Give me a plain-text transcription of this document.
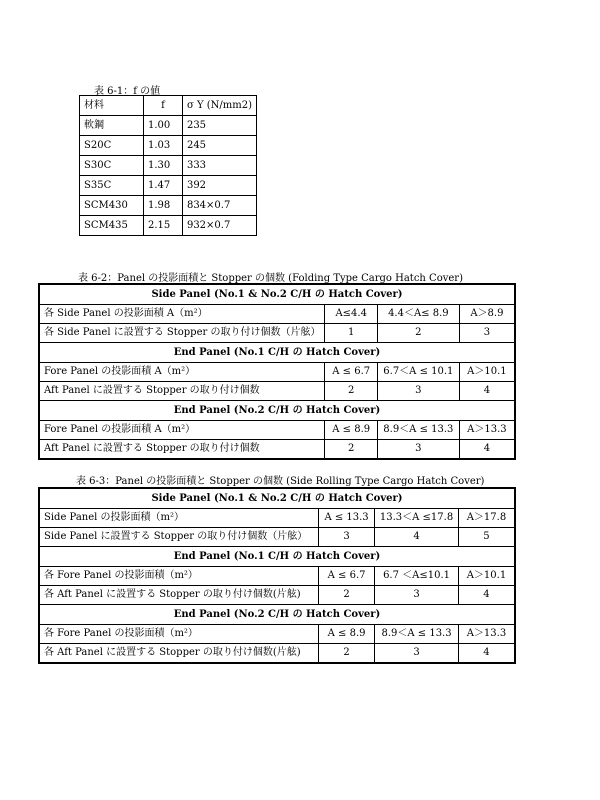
表 6-1：f の値
材料	f	σ Y (N/mm2)
軟鋼	1.00	235
S20C	1.03	245
S30C	1.30	333
S35C	1.47	392
SCM430	1.98	834×0.7
SCM435	2.15	932×0.7
表 6-2：Panel の投影面積と Stopper の個数 (Folding Type Cargo Hatch Cover)
Side Panel (No.1 & No.2 C/H の Hatch Cover)			
各 Side Panel の投影面積 A（m²）	A≤4.4	4.4＜A≤ 8.9	A＞8.9
各 Side Panel に設置する Stopper の取り付け個数（片舷）	1	2	3
End Panel (No.1 C/H の Hatch Cover)			
Fore Panel の投影面積 A（m²）	A ≤ 6.7	6.7＜A ≤ 10.1	A＞10.1
Aft Panel に設置する Stopper の取り付け個数	2	3	4
End Panel (No.2 C/H の Hatch Cover)			
Fore Panel の投影面積 A（m²）	A ≤ 8.9	8.9＜A ≤ 13.3	A＞13.3
Aft Panel に設置する Stopper の取り付け個数	2	3	4
表 6-3：Panel の投影面積と Stopper の個数 (Side Rolling Type Cargo Hatch Cover)
Side Panel (No.1 & No.2 C/H の Hatch Cover)			
Side Panel の投影面積（m²）	A ≤ 13.3	13.3＜A ≤17.8	A＞17.8
Side Panel に設置する Stopper の取り付け個数（片舷）	3	4	5
End Panel (No.1 C/H の Hatch Cover)			
各 Fore Panel の投影面積（m²）	A ≤ 6.7	6.7 ＜A≤10.1	A＞10.1
各 Aft Panel に設置する Stopper の取り付け個数(片舷)	2	3	4
End Panel (No.2 C/H の Hatch Cover)			
各 Fore Panel の投影面積（m²）	A ≤ 8.9	8.9＜A ≤ 13.3	A＞13.3
各 Aft Panel に設置する Stopper の取り付け個数(片舷)	2	3	4
